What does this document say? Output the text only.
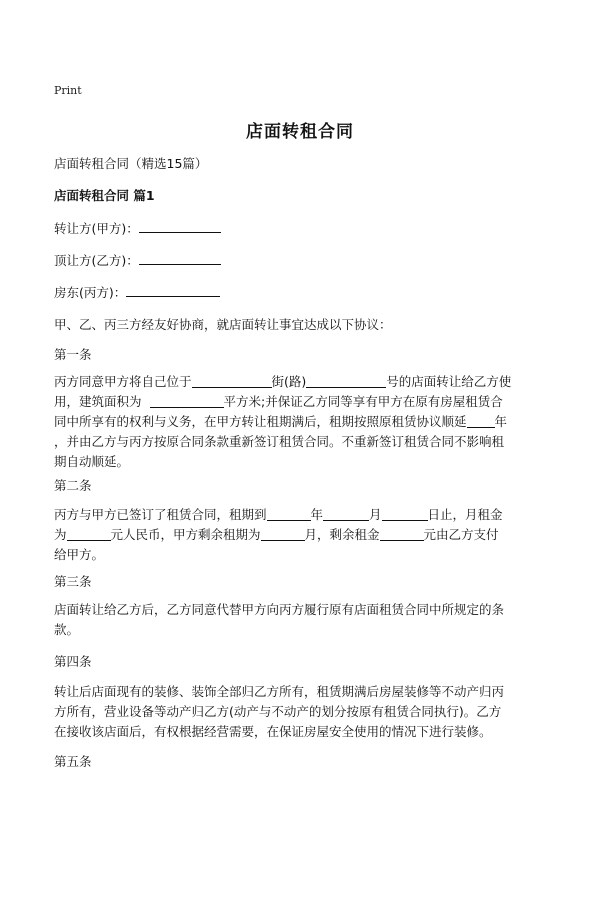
Print
店面转租合同
店面转租合同（精选15篇）
店面转租合同 篇1
转让方(甲方)：
顶让方(乙方)：
房东(丙方)：
甲、乙、丙三方经友好协商，就店面转让事宜达成以下协议：
第一条
丙方同意甲方将自己位于	街(路)	号的店面转让给乙方使
用，建筑面积为	平方米;并保证乙方同等享有甲方在原有房屋租赁合
同中所享有的权利与义务，在甲方转让租期满后，租期按照原租赁协议顺延 年
，并由乙方与丙方按原合同条款重新签订租赁合同。不重新签订租赁合同不影响租
期自动顺延。
第二条
丙方与甲方已签订了租赁合同，租期到	年	月	日止，月租金
为	元人民币，甲方剩余租期为	月，剩余租金	元由乙方支付
给甲方。
第三条
店面转让给乙方后，乙方同意代替甲方向丙方履行原有店面租赁合同中所规定的条
款。
第四条
转让后店面现有的装修、装饰全部归乙方所有，租赁期满后房屋装修等不动产归丙
方所有，营业设备等动产归乙方(动产与不动产的划分按原有租赁合同执行)。乙方
在接收该店面后，有权根据经营需要，在保证房屋安全使用的情况下进行装修。
第五条
